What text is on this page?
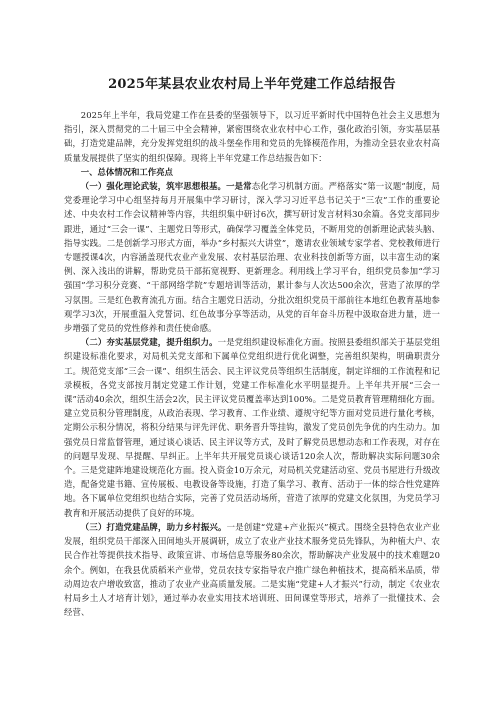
2025年某县农业农村局上半年党建工作总结报告

2025年上半年，我局党建工作在县委的坚强领导下，以习近平新时代中国特色社会主义思想为指引，深入贯彻党的二十届三中全会精神，紧密围绕农业农村中心工作，强化政治引领，夯实基层基础，打造党建品牌，充分发挥党组织的战斗堡垒作用和党员的先锋模范作用，为推动全县农业农村高质量发展提供了坚实的组织保障。现将上半年党建工作总结报告如下：

一、总体情况和工作亮点

（一）强化理论武装，筑牢思想根基。一是常态化学习机制方面。严格落实“第一议题”制度，局党委理论学习中心组坚持每月开展集中学习研讨，深入学习习近平总书记关于“三农”工作的重要论述、中央农村工作会议精神等内容，共组织集中研讨6次，撰写研讨发言材料30余篇。各党支部同步跟进，通过“三会一课”、主题党日等形式，确保学习覆盖全体党员，不断用党的创新理论武装头脑、指导实践。二是创新学习形式方面，举办“乡村振兴大讲堂”，邀请农业领域专家学者、党校教师进行专题授课4次，内容涵盖现代农业产业发展、农村基层治理、农业科技创新等方面，以丰富生动的案例、深入浅出的讲解，帮助党员干部拓宽视野、更新理念。利用线上学习平台，组织党员参加“学习强国”学习积分竞赛、“干部网络学院”专题培训等活动，累计参与人次达500余次，营造了浓厚的学习氛围。三是红色教育流孔方面。结合主题党日活动，分批次组织党员干部前往本地红色教育基地参观学习3次，开展重温入党誓词、红色故事分享等活动，从党的百年奋斗历程中汲取奋进力量，进一步增强了党员的党性修养和责任使命感。

（二）夯实基层党建，提升组织力。一是党组织建设标准化方面。按照县委组织部关于基层党组织建设标准化要求，对局机关党支部和下属单位党组织进行优化调整，完善组织架构，明确职责分工。规范党支部“三会一课”、组织生活会、民主评议党员等组织生活制度，制定详细的工作流程和记录模板，各党支部按月制定党建工作计划，党建工作标准化水平明显提升。上半年共开展“三会一课”活动40余次，组织生活会2次，民主评议党员覆盖率达到100%。二是党员教育管理精细化方面。建立党员积分管理制度，从政治表现、学习教育、工作业绩、遵规守纪等方面对党员进行量化考核，定期公示积分情况，将积分结果与评先评优、职务晋升等挂钩，激发了党员创先争优的内生动力。加强党员日常监督管理，通过谈心谈话、民主评议等方式，及时了解党员思想动态和工作表现，对存在的问题早发现、早提醒、早纠正。上半年共开展党员谈心谈话120余人次，帮助解决实际问题30余个。三是党建阵地建设规范化方面。投入资金10万余元，对局机关党建活动室、党员书屋进行升级改造，配备党建书籍、宣传展板、电教设备等设施，打造了集学习、教育、活动于一体的综合性党建阵地。各下属单位党组织也结合实际，完善了党员活动场所，营造了浓厚的党建文化氛围，为党员学习教育和开展活动提供了良好的环境。

（三）打造党建品牌，助力乡村振兴。一是创建“党建+产业振兴”模式。围绕全县特色农业产业发展，组织党员干部深入田间地头开展调研，成立了农业产业技术服务党员先锋队，为种植大户、农民合作社等提供技术指导、政策宣讲、市场信息等服务80余次，帮助解决产业发展中的技术难题20余个。例如，在我县优质稻米产业带，党员农技专家指导农户推广绿色种植技术，提高稻米品质，带动周边农户增收致富，推动了农业产业高质量发展。二是实施“党建+人才振兴”行动，制定《农业农村局乡土人才培育计划》，通过举办农业实用技术培训班、田间课堂等形式，培养了一批懂技术、会经营、
